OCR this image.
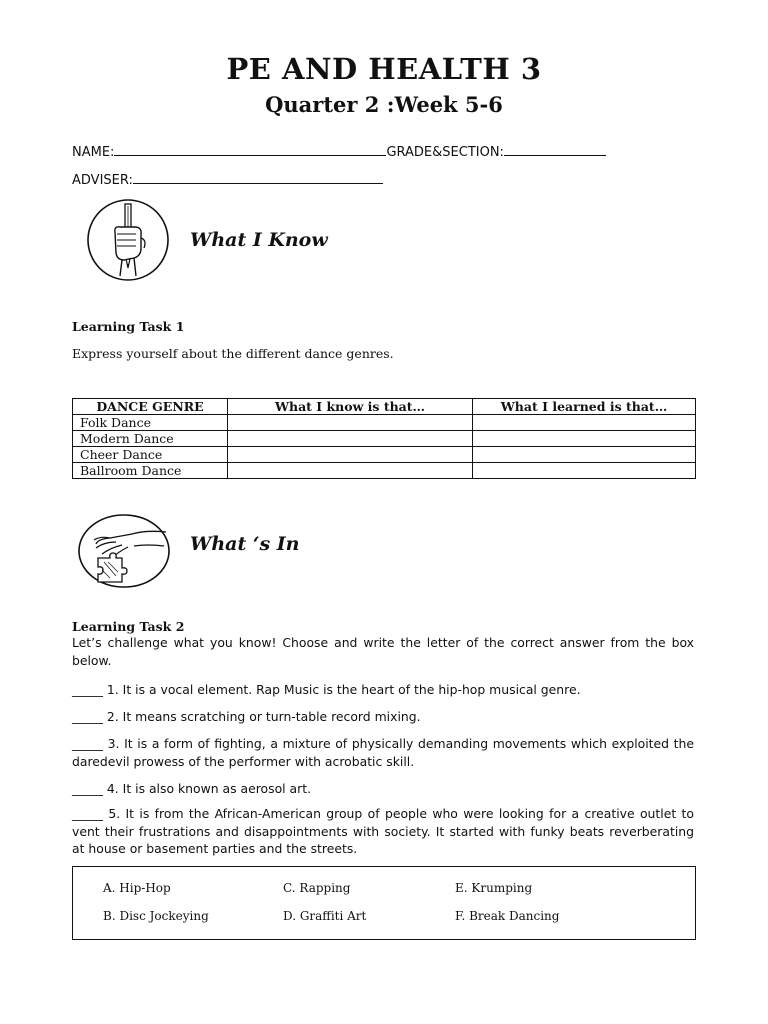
PE AND HEALTH 3
Quarter 2 :Week 5-6
NAME:	GRADE&SECTION:
ADVISER:
What I Know
Learning Task 1
Express yourself about the different dance genres.
DANCE GENRE	What I know is that…	What I learned is that…
Folk Dance		
Modern Dance		
Cheer Dance		
Ballroom Dance		
What ‘s In
Learning Task 2
Let’s challenge what you know! Choose and write the letter of the correct answer from the box below.
_____ 1. It is a vocal element. Rap Music is the heart of the hip-hop musical genre.
_____ 2. It means scratching or turn-table record mixing.
_____ 3. It is a form of fighting, a mixture of physically demanding movements which exploited the daredevil prowess of the performer with acrobatic skill.
_____ 4. It is also known as aerosol art.
_____ 5. It is from the African-American group of people who were looking for a creative outlet to vent their frustrations and disappointments with society. It started with funky beats reverberating at house or basement parties and the streets.
A. Hip-Hop	C. Rapping	E. Krumping
B. Disc Jockeying	D. Graffiti Art	F. Break Dancing
